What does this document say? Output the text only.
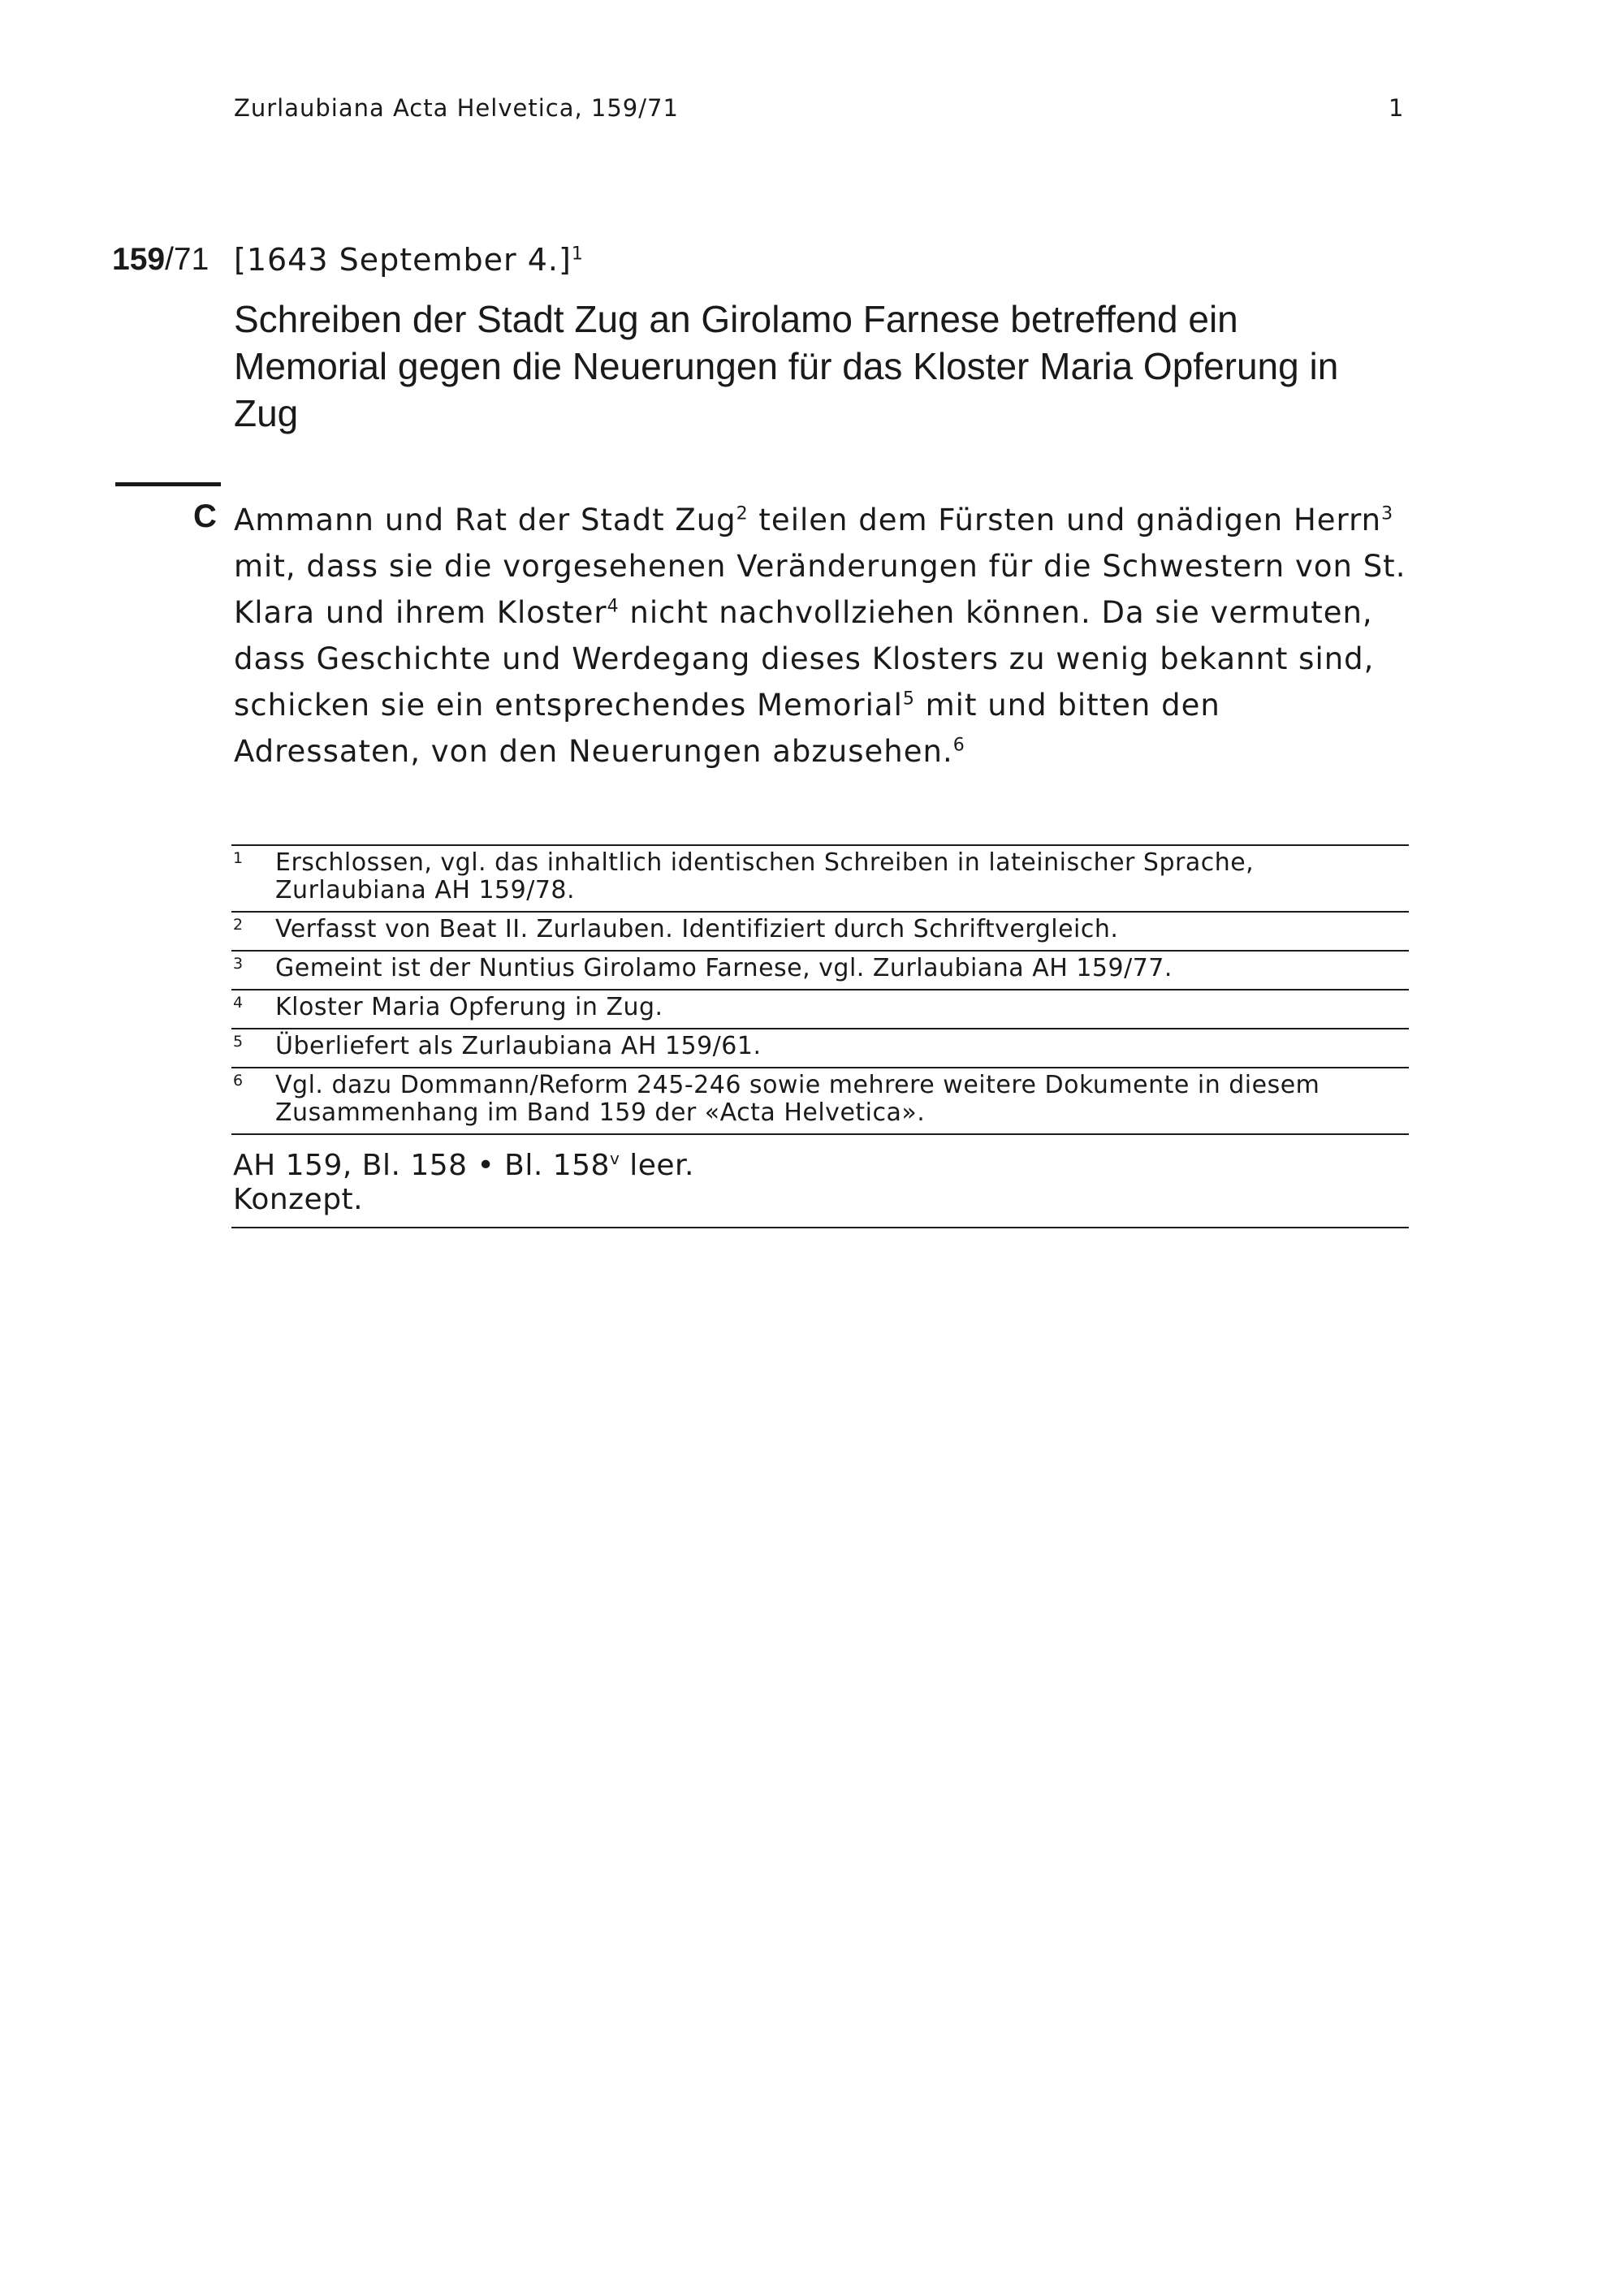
Zurlaubiana Acta Helvetica, 159/71	1
159/71 [1643 September 4.]$^1$
Schreiben der Stadt Zug an Girolamo Farnese betreffend ein Memorial gegen die Neuerungen für das Kloster Maria Opferung in Zug
C Ammann und Rat der Stadt Zug$^2$ teilen dem Fürsten und gnädigen Herrn$^3$ mit, dass sie die vorgesehenen Veränderungen für die Schwestern von St. Klara und ihrem Kloster$^4$ nicht nachvollziehen können. Da sie vermuten, dass Geschichte und Werdegang dieses Klosters zu wenig bekannt sind, schicken sie ein entsprechendes Memorial$^5$ mit und bitten den Adressaten, von den Neuerungen abzusehen.$^6$
1	Erschlossen, vgl. das inhaltlich identischen Schreiben in lateinischer Sprache, Zurlaubiana AH 159/78.
2	Verfasst von Beat II. Zurlauben. Identifiziert durch Schriftvergleich.
3	Gemeint ist der Nuntius Girolamo Farnese, vgl. Zurlaubiana AH 159/77.
4	Kloster Maria Opferung in Zug.
5	Überliefert als Zurlaubiana AH 159/61.
6	Vgl. dazu Dommann/Reform 245-246 sowie mehrere weitere Dokumente in diesem Zusammenhang im Band 159 der «Acta Helvetica».
AH 159, Bl. 158 • Bl. 158$^v$ leer.
Konzept.
